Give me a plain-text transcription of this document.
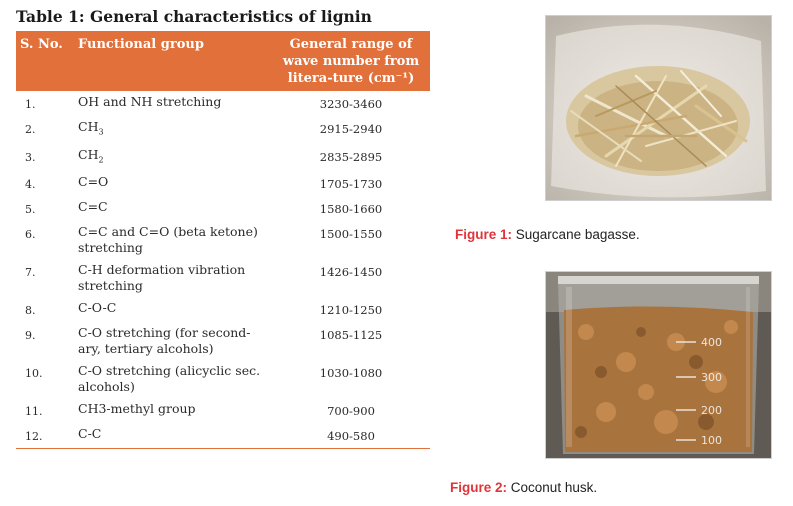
Table 1: General characteristics of lignin
S. No.	Functional group	General range of wave number from litera-ture (cm⁻¹)
1.	OH and NH stretching	3230-3460
2.	$CH_3$	2915-2940
3.	$CH_2$	2835-2895
4.	C=O	1705-1730
5.	C=C	1580-1660
6.	C=C and C=O (beta ketone) stretching	1500-1550
7.	C-H deformation vibration stretching	1426-1450
8.	C-O-C	1210-1250
9.	C-O stretching (for second-ary, tertiary alcohols)	1085-1125
10.	C-O stretching (alicyclic sec. alcohols)	1030-1080
11.	CH3-methyl group	700-900
12.	C-C	490-580
Figure 1: Sugarcane bagasse.
400
300
200
100
Figure 2: Coconut husk.
